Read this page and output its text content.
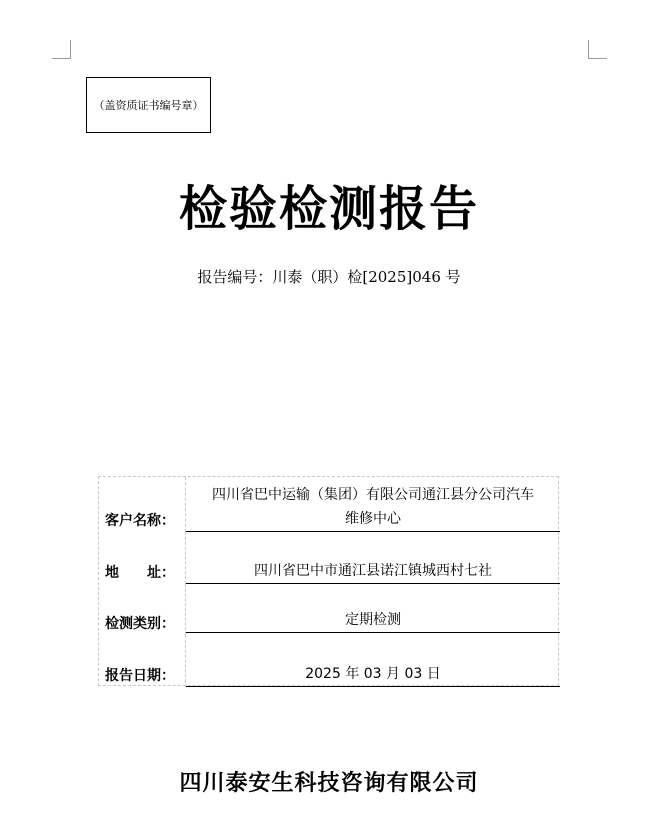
（盖资质证书编号章）
检验检测报告
报告编号：川泰（职）检[2025]046 号
客户名称：
四川省巴中运输（集团）有限公司通江县分公司汽车
维修中心
地　　址：	四川省巴中市通江县诺江镇城西村七社
检测类别：	定期检测
报告日期：	2025 年 03 月 03 日
四川泰安生科技咨询有限公司
